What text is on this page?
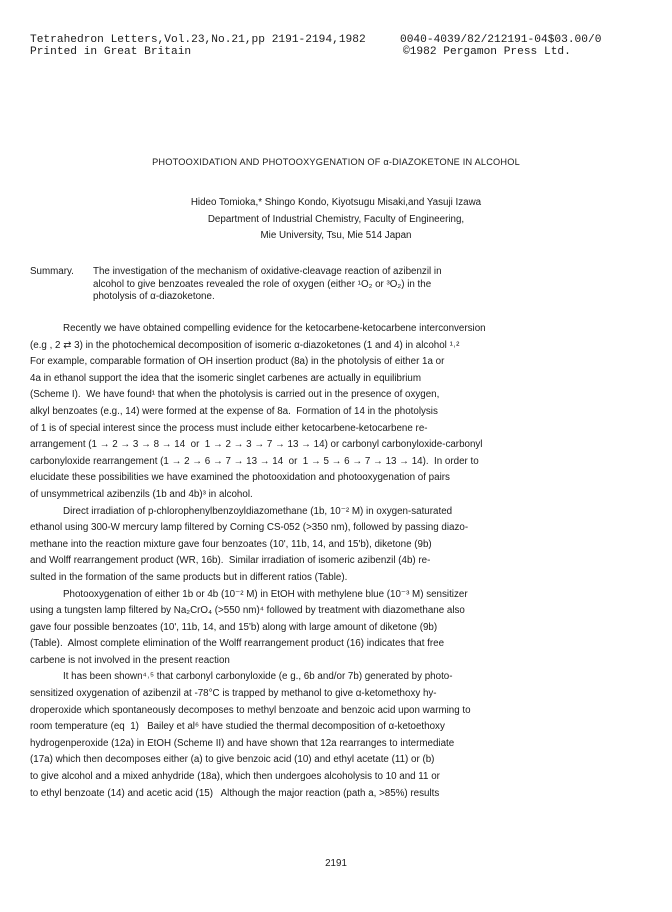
Tetrahedron Letters,Vol.23,No.21,pp 2191-2194,1982
Printed in Great Britain
0040-4039/82/212191-04$03.00/0
©1982 Pergamon Press Ltd.
PHOTOOXIDATION AND PHOTOOXYGENATION OF α-DIAZOKETONE IN ALCOHOL
Hideo Tomioka,* Shingo Kondo, Kiyotsugu Misaki,and Yasuji Izawa
Department of Industrial Chemistry, Faculty of Engineering,
Mie University, Tsu, Mie 514 Japan
Summary. The investigation of the mechanism of oxidative-cleavage reaction of azibenzil in
alcohol to give benzoates revealed the role of oxygen (either ¹O₂ or ³O₂) in the
photolysis of α-diazoketone.
Recently we have obtained compelling evidence for the ketocarbene-ketocarbene interconversion
(e.g , 2 ⇄ 3) in the photochemical decomposition of isomeric α-diazoketones (1 and 4) in alcohol ¹˒²
For example, comparable formation of OH insertion product (8a) in the photolysis of either 1a or
4a in ethanol support the idea that the isomeric singlet carbenes are actually in equilibrium
(Scheme I).  We have found¹ that when the photolysis is carried out in the presence of oxygen,
alkyl benzoates (e.g., 14) were formed at the expense of 8a.  Formation of 14 in the photolysis
of 1 is of special interest since the process must include either ketocarbene-ketocarbene re-
arrangement (1 → 2 → 3 → 8 → 14  or  1 → 2 → 3 → 7 → 13 → 14) or carbonyl carbonyloxide-carbonyl
carbonyloxide rearrangement (1 → 2 → 6 → 7 → 13 → 14  or  1 → 5 → 6 → 7 → 13 → 14).  In order to
elucidate these possibilities we have examined the photooxidation and photooxygenation of pairs
of unsymmetrical azibenzils (1b and 4b)³ in alcohol.
Direct irradiation of p-chlorophenylbenzoyldiazomethane (1b, 10⁻² M) in oxygen-saturated
ethanol using 300-W mercury lamp filtered by Corning CS-052 (>350 nm), followed by passing diazo-
methane into the reaction mixture gave four benzoates (10', 11b, 14, and 15'b), diketone (9b)
and Wolff rearrangement product (WR, 16b).  Similar irradiation of isomeric azibenzil (4b) re-
sulted in the formation of the same products but in different ratios (Table).
Photooxygenation of either 1b or 4b (10⁻² M) in EtOH with methylene blue (10⁻³ M) sensitizer
using a tungsten lamp filtered by Na₂CrO₄ (>550 nm)⁴ followed by treatment with diazomethane also
gave four possible benzoates (10', 11b, 14, and 15'b) along with large amount of diketone (9b)
(Table).  Almost complete elimination of the Wolff rearrangement product (16) indicates that free
carbene is not involved in the present reaction
It has been shown⁴˒⁵ that carbonyl carbonyloxide (e g., 6b and/or 7b) generated by photo-
sensitized oxygenation of azibenzil at -78°C is trapped by methanol to give α-ketomethoxy hy-
droperoxide which spontaneously decomposes to methyl benzoate and benzoic acid upon warming to
room temperature (eq  1)   Bailey et al⁶ have studied the thermal decomposition of α-ketoethoxy
hydrogenperoxide (12a) in EtOH (Scheme II) and have shown that 12a rearranges to intermediate
(17a) which then decomposes either (a) to give benzoic acid (10) and ethyl acetate (11) or (b)
to give alcohol and a mixed anhydride (18a), which then undergoes alcoholysis to 10 and 11 or
to ethyl benzoate (14) and acetic acid (15)   Although the major reaction (path a, >85%) results
2191
